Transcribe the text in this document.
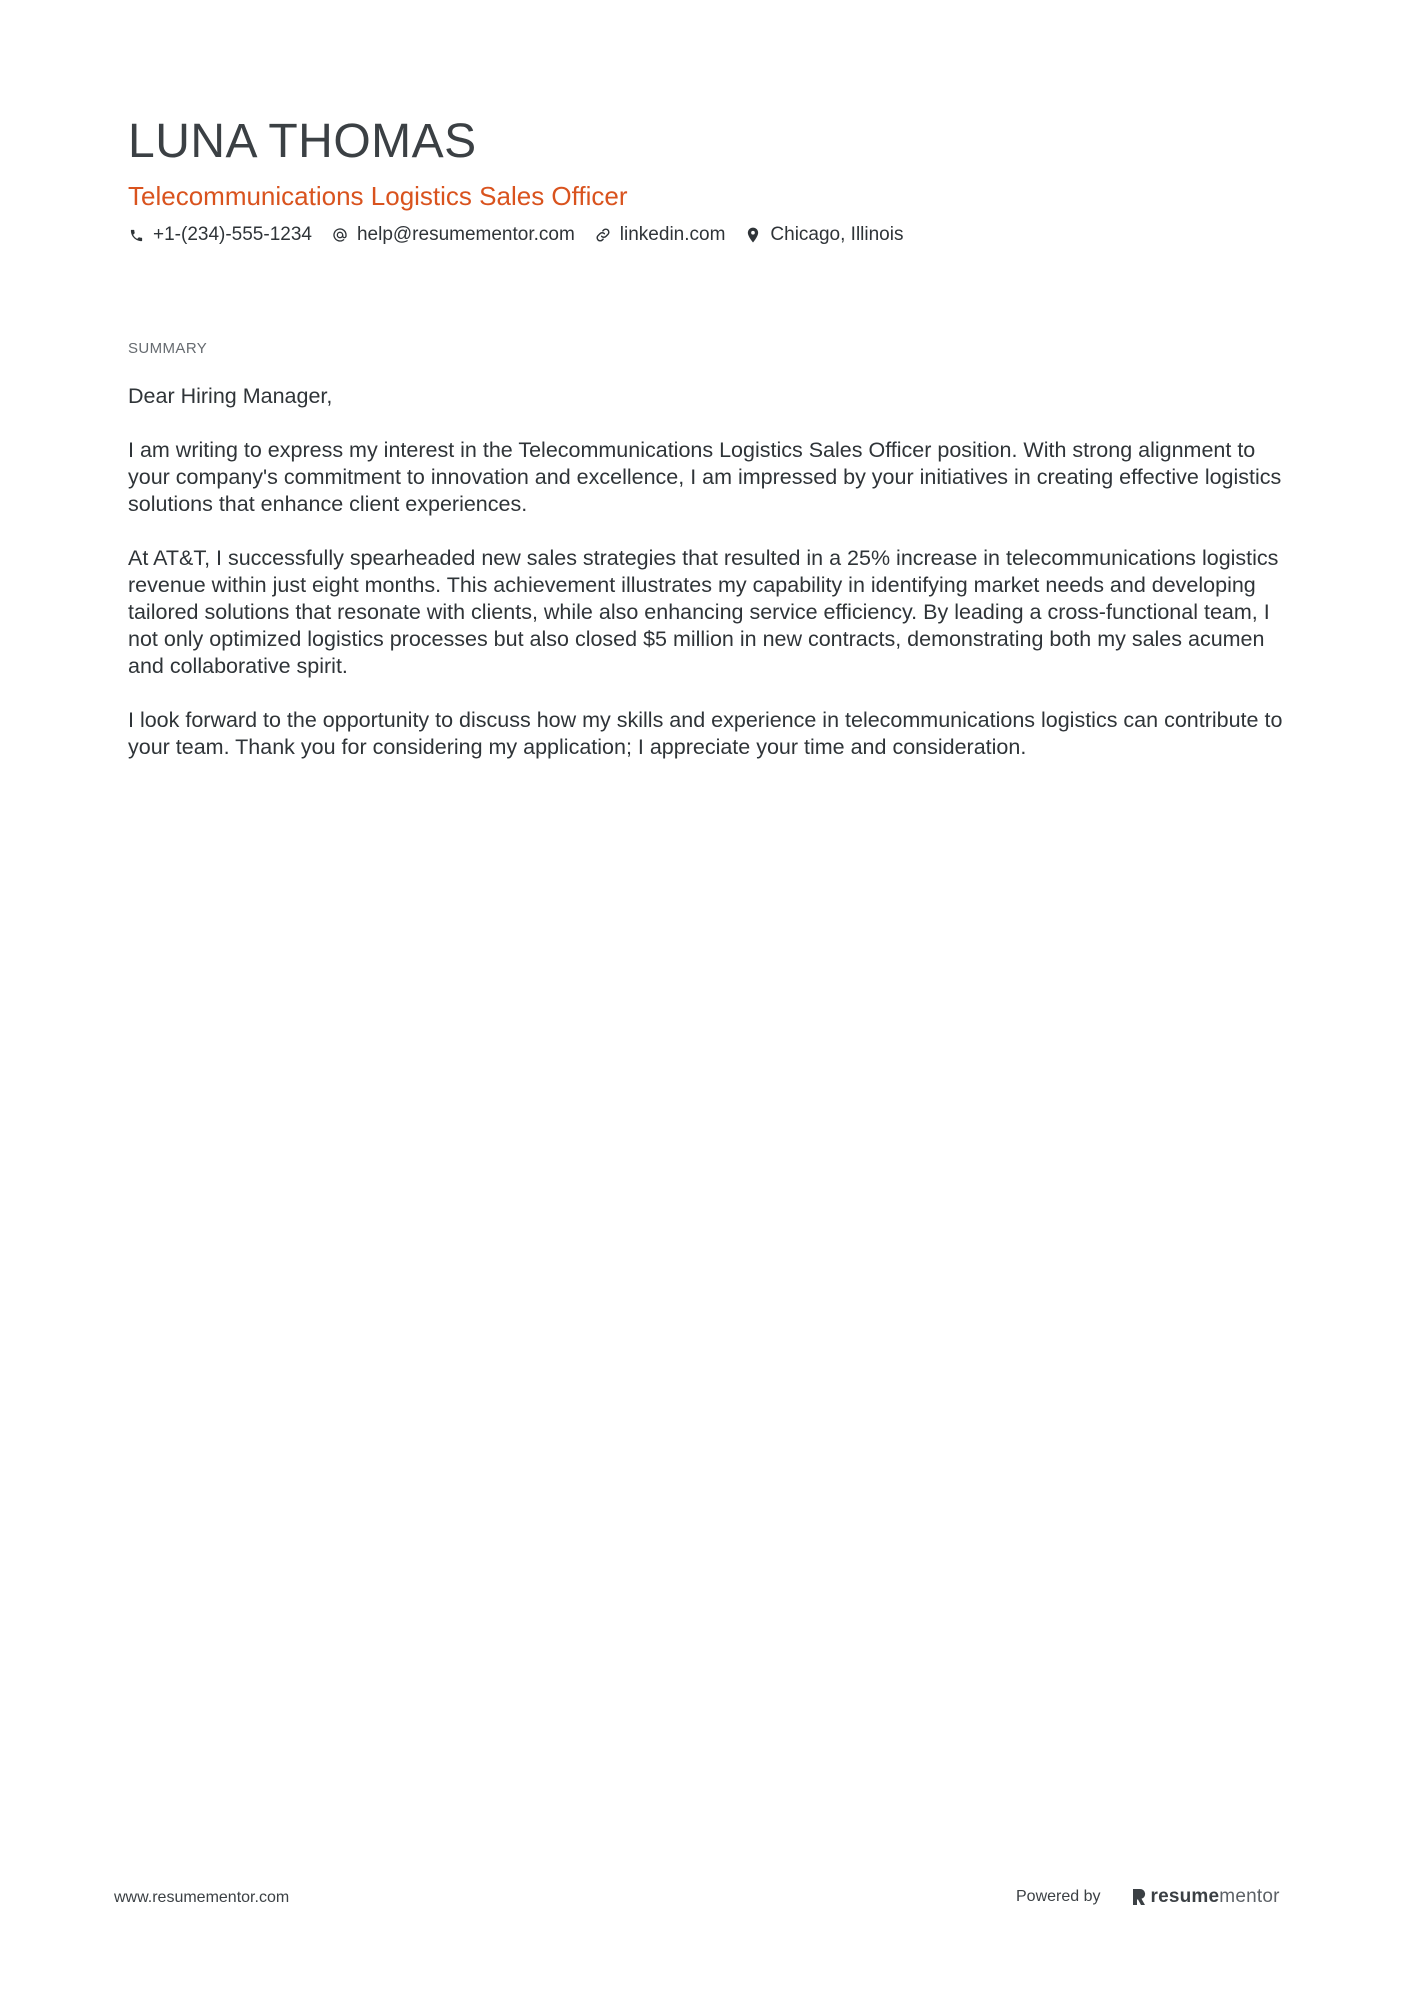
LUNA THOMAS
Telecommunications Logistics Sales Officer
+1-(234)-555-1234 help@resumementor.com linkedin.com Chicago, Illinois
SUMMARY

Dear Hiring Manager,

I am writing to express my interest in the Telecommunications Logistics Sales Officer position. With strong alignment to your company's commitment to innovation and excellence, I am impressed by your initiatives in creating effective logistics solutions that enhance client experiences.

At AT&T, I successfully spearheaded new sales strategies that resulted in a 25% increase in telecommunications logistics revenue within just eight months. This achievement illustrates my capability in identifying market needs and developing tailored solutions that resonate with clients, while also enhancing service efficiency. By leading a cross-functional team, I not only optimized logistics processes but also closed $5 million in new contracts, demonstrating both my sales acumen and collaborative spirit.

I look forward to the opportunity to discuss how my skills and experience in telecommunications logistics can contribute to your team. Thank you for considering my application; I appreciate your time and consideration.

www.resumementor.com	Powered by	resume mentor
